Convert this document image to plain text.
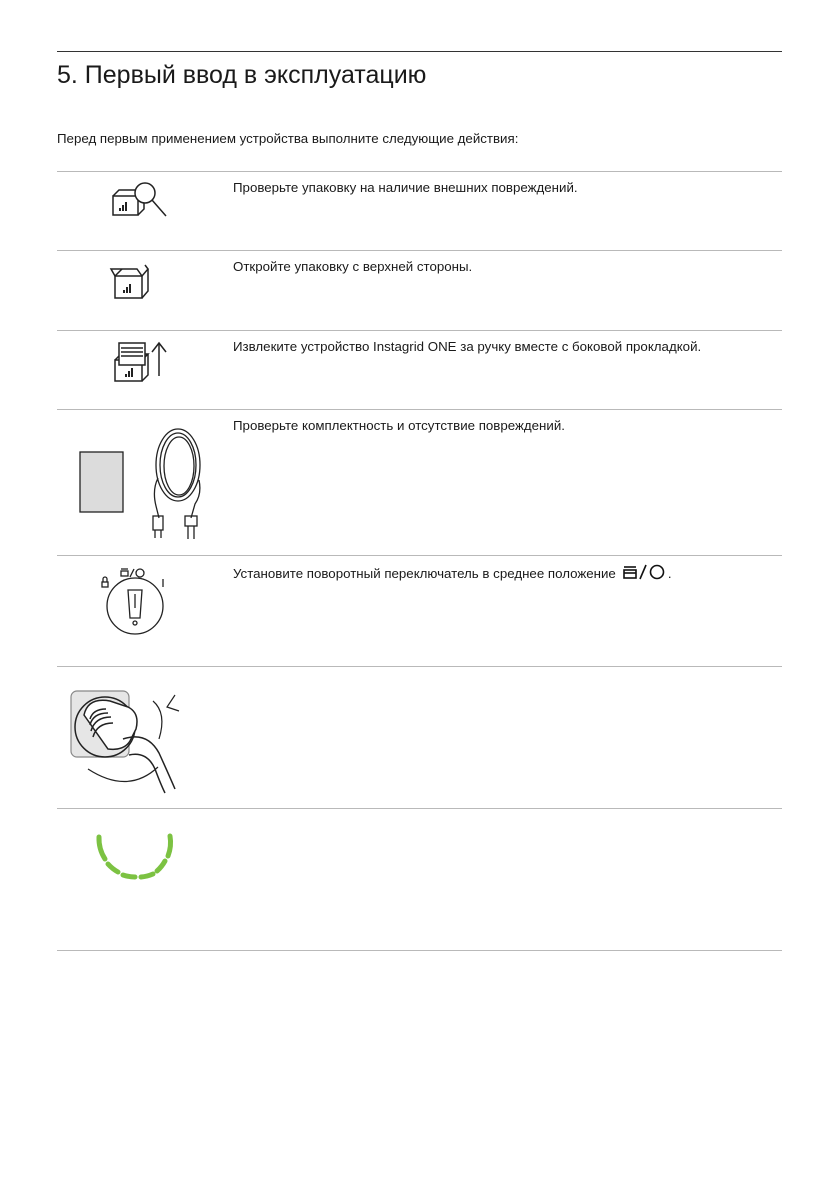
5. Первый ввод в эксплуатацию
Перед первым применением устройства выполните следующие действия:
Проверьте упаковку на наличие внешних повреждений.
Откройте упаковку с верхней стороны.
Извлеките устройство Instagrid ONE за ручку вместе с боковой прокладкой.
Проверьте комплектность и отсутствие повреждений.
Установите поворотный переключатель в среднее положение	.
